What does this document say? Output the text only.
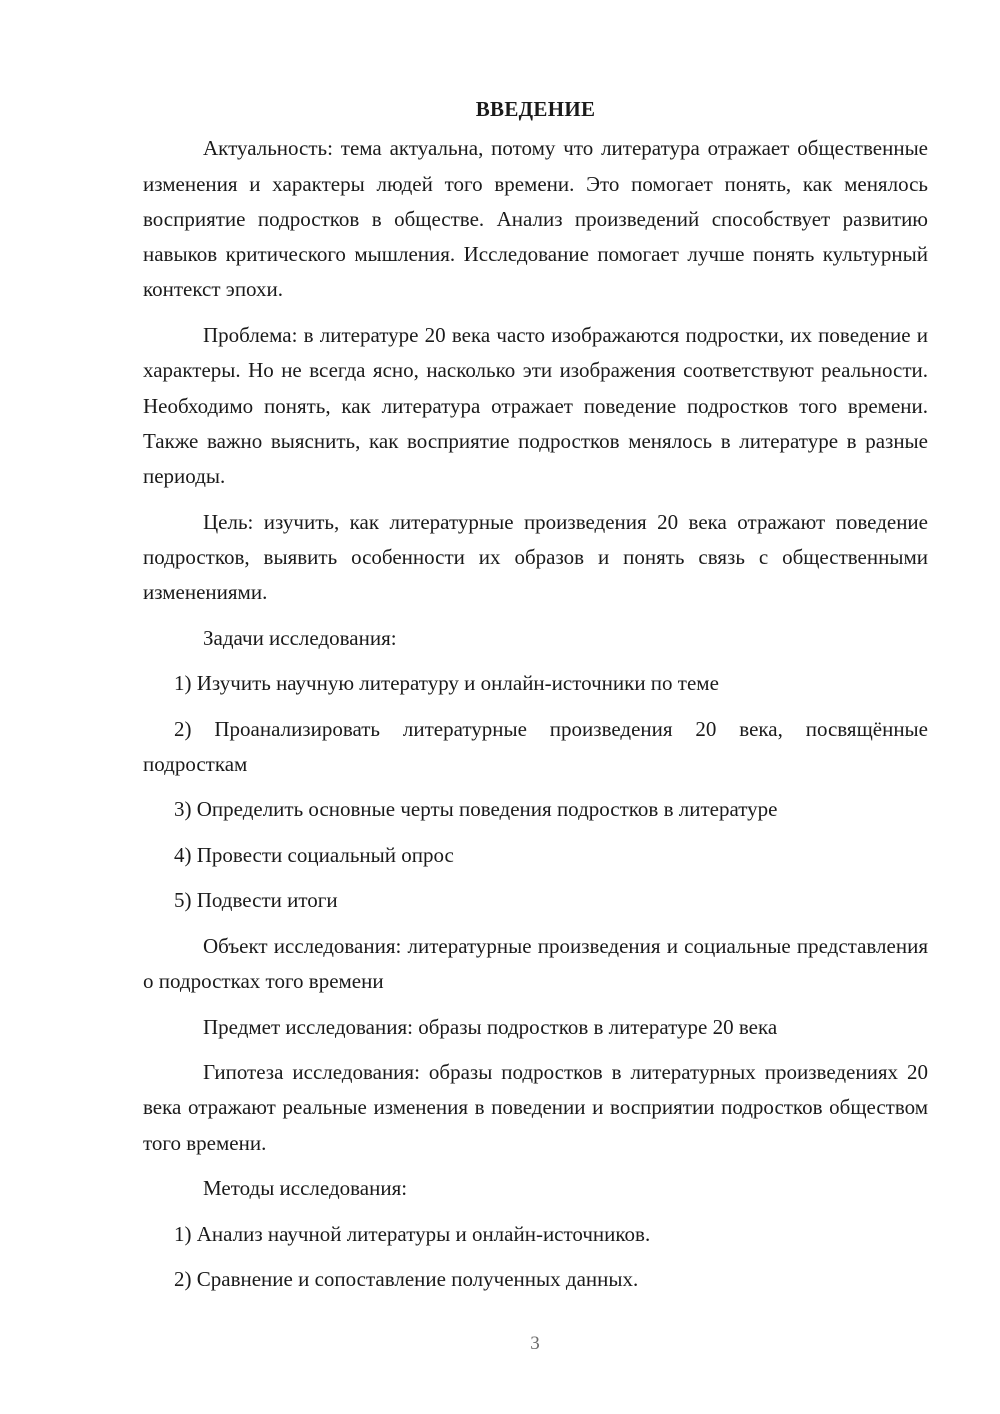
ВВЕДЕНИЕ
Актуальность: тема актуальна, потому что литература отражает общественные изменения и характеры людей того времени. Это помогает понять, как менялось восприятие подростков в обществе. Анализ произведений способствует развитию навыков критического мышления. Исследование помогает лучше понять культурный контекст эпохи.
Проблема: в литературе 20 века часто изображаются подростки, их поведение и характеры. Но не всегда ясно, насколько эти изображения соответствуют реальности. Необходимо понять, как литература отражает поведение подростков того времени. Также важно выяснить, как восприятие подростков менялось в литературе в разные периоды.
Цель: изучить, как литературные произведения 20 века отражают поведение подростков, выявить особенности их образов и понять связь с общественными изменениями.
Задачи исследования:
1) Изучить научную литературу и онлайн-источники по теме
2) Проанализировать литературные произведения 20 века, посвящённые подросткам
3) Определить основные черты поведения подростков в литературе
4) Провести социальный опрос
5) Подвести итоги
Объект исследования: литературные произведения и социальные представления о подростках того времени
Предмет исследования: образы подростков в литературе 20 века
Гипотеза исследования: образы подростков в литературных произведениях 20 века отражают реальные изменения в поведении и восприятии подростков обществом того времени.
Методы исследования:
1) Анализ научной литературы и онлайн-источников.
2) Сравнение и сопоставление полученных данных.
3
